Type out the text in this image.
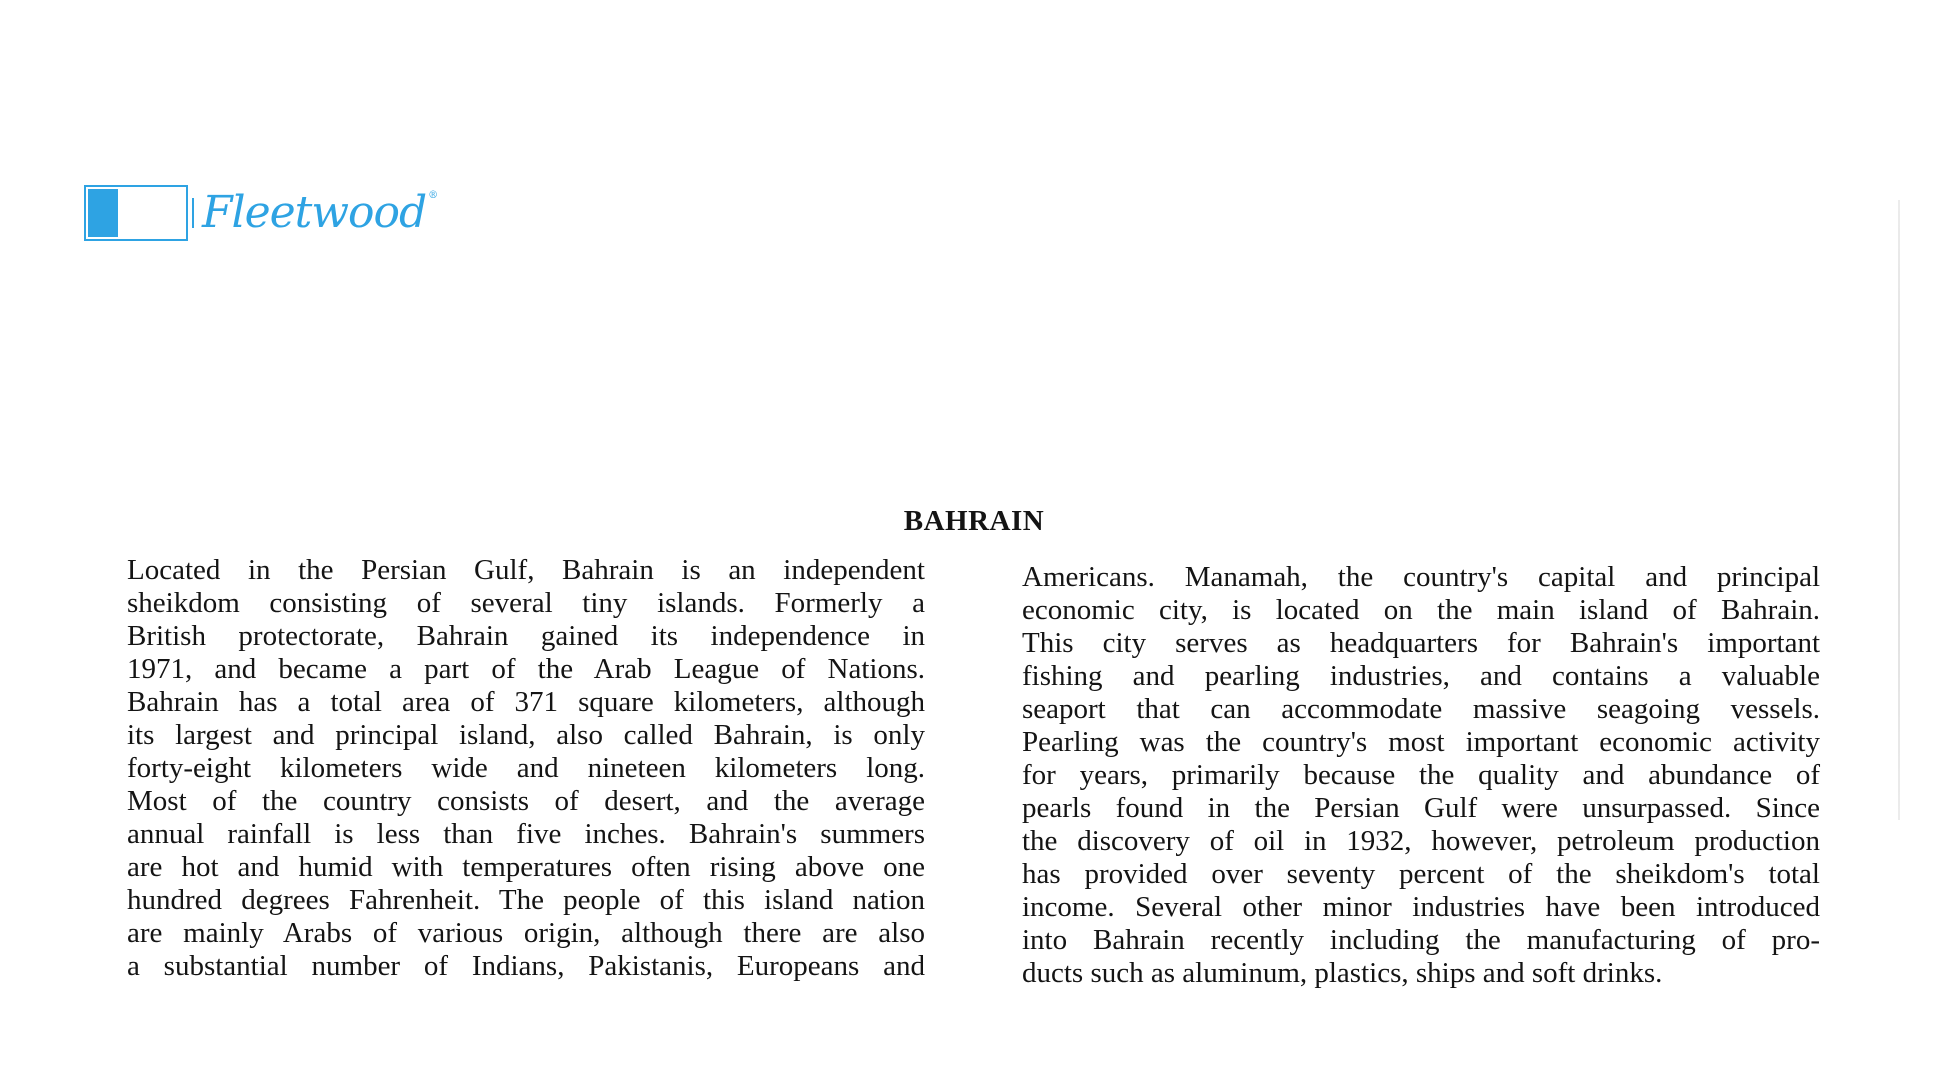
Fleetwood ®
BAHRAIN
Located in the Persian Gulf, Bahrain is an independent
sheikdom consisting of several tiny islands. Formerly a
British protectorate, Bahrain gained its independence in
1971, and became a part of the Arab League of Nations.
Bahrain has a total area of 371 square kilometers, although
its largest and principal island, also called Bahrain, is only
forty-eight kilometers wide and nineteen kilometers long.
Most of the country consists of desert, and the average
annual rainfall is less than five inches. Bahrain's summers
are hot and humid with temperatures often rising above one
hundred degrees Fahrenheit. The people of this island nation
are mainly Arabs of various origin, although there are also
a substantial number of Indians, Pakistanis, Europeans and
Americans. Manamah, the country's capital and principal
economic city, is located on the main island of Bahrain.
This city serves as headquarters for Bahrain's important
fishing and pearling industries, and contains a valuable
seaport that can accommodate massive seagoing vessels.
Pearling was the country's most important economic activity
for years, primarily because the quality and abundance of
pearls found in the Persian Gulf were unsurpassed. Since
the discovery of oil in 1932, however, petroleum production
has provided over seventy percent of the sheikdom's total
income. Several other minor industries have been introduced
into Bahrain recently including the manufacturing of pro-
ducts such as aluminum, plastics, ships and soft drinks.
